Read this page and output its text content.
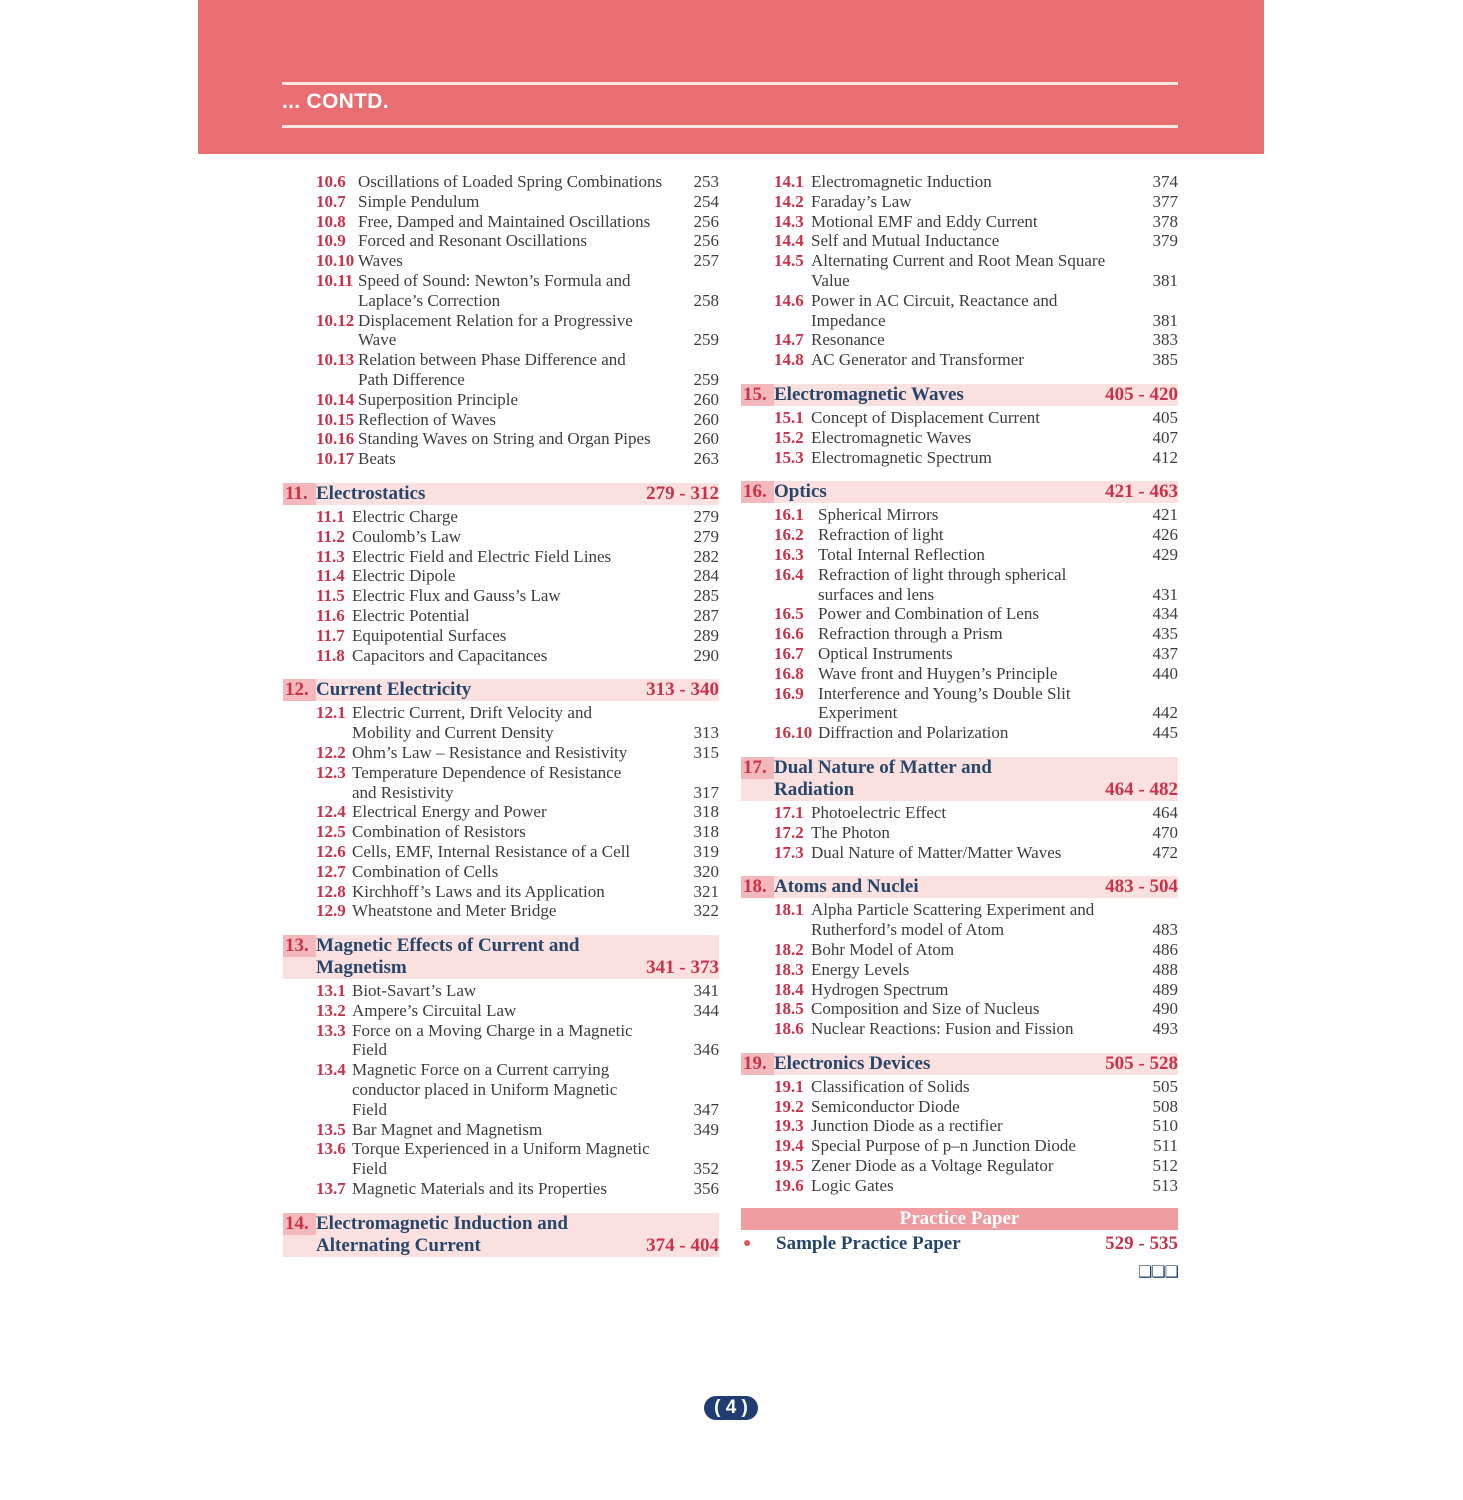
... CONTD.
10.6 Oscillations of Loaded Spring Combinations	253
10.7 Simple Pendulum	254
10.8 Free, Damped and Maintained Oscillations	256
10.9 Forced and Resonant Oscillations	256
10.10 Waves	257
10.11 Speed of Sound: Newton’s Formula and
Laplace’s Correction	258
10.12 Displacement Relation for a Progressive
Wave	259
10.13 Relation between Phase Difference and
Path Difference	259
10.14 Superposition Principle	260
10.15 Reflection of Waves	260
10.16 Standing Waves on String and Organ Pipes	260
10.17 Beats	263
11. Electrostatics	279 - 312
11.1 Electric Charge	279
11.2 Coulomb’s Law	279
11.3 Electric Field and Electric Field Lines	282
11.4 Electric Dipole	284
11.5 Electric Flux and Gauss’s Law	285
11.6 Electric Potential	287
11.7 Equipotential Surfaces	289
11.8 Capacitors and Capacitances	290
12. Current Electricity	313 - 340
12.1 Electric Current, Drift Velocity and
Mobility and Current Density	313
12.2 Ohm’s Law – Resistance and Resistivity	315
12.3 Temperature Dependence of Resistance
and Resistivity	317
12.4 Electrical Energy and Power	318
12.5 Combination of Resistors	318
12.6 Cells, EMF, Internal Resistance of a Cell	319
12.7 Combination of Cells	320
12.8 Kirchhoff’s Laws and its Application	321
12.9 Wheatstone and Meter Bridge	322
13. Magnetic Effects of Current and
Magnetism	341 - 373
13.1 Biot-Savart’s Law	341
13.2 Ampere’s Circuital Law	344
13.3 Force on a Moving Charge in a Magnetic
Field	346
13.4 Magnetic Force on a Current carrying
conductor placed in Uniform Magnetic
Field	347
13.5 Bar Magnet and Magnetism	349
13.6 Torque Experienced in a Uniform Magnetic
Field	352
13.7 Magnetic Materials and its Properties	356
14. Electromagnetic Induction and
Alternating Current	374 - 404
14.1 Electromagnetic Induction	374
14.2 Faraday’s Law	377
14.3 Motional EMF and Eddy Current	378
14.4 Self and Mutual Inductance	379
14.5 Alternating Current and Root Mean Square
Value	381
14.6 Power in AC Circuit, Reactance and
Impedance	381
14.7 Resonance	383
14.8 AC Generator and Transformer	385
15. Electromagnetic Waves	405 - 420
15.1 Concept of Displacement Current	405
15.2 Electromagnetic Waves	407
15.3 Electromagnetic Spectrum	412
16. Optics	421 - 463
16.1 Spherical Mirrors	421
16.2 Refraction of light	426
16.3 Total Internal Reflection	429
16.4 Refraction of light through spherical
surfaces and lens	431
16.5 Power and Combination of Lens	434
16.6 Refraction through a Prism	435
16.7 Optical Instruments	437
16.8 Wave front and Huygen’s Principle	440
16.9 Interference and Young’s Double Slit
Experiment	442
16.10 Diffraction and Polarization	445
17. Dual Nature of Matter and
Radiation	464 - 482
17.1 Photoelectric Effect	464
17.2 The Photon	470
17.3 Dual Nature of Matter/Matter Waves	472
18. Atoms and Nuclei	483 - 504
18.1 Alpha Particle Scattering Experiment and
Rutherford’s model of Atom	483
18.2 Bohr Model of Atom	486
18.3 Energy Levels	488
18.4 Hydrogen Spectrum	489
18.5 Composition and Size of Nucleus	490
18.6 Nuclear Reactions: Fusion and Fission	493
19. Electronics Devices	505 - 528
19.1 Classification of Solids	505
19.2 Semiconductor Diode	508
19.3 Junction Diode as a rectifier	510
19.4 Special Purpose of p–n Junction Diode	511
19.5 Zener Diode as a Voltage Regulator	512
19.6 Logic Gates	513
Practice Paper
●	Sample Practice Paper	529 - 535
❑❑❑
( 4 )
